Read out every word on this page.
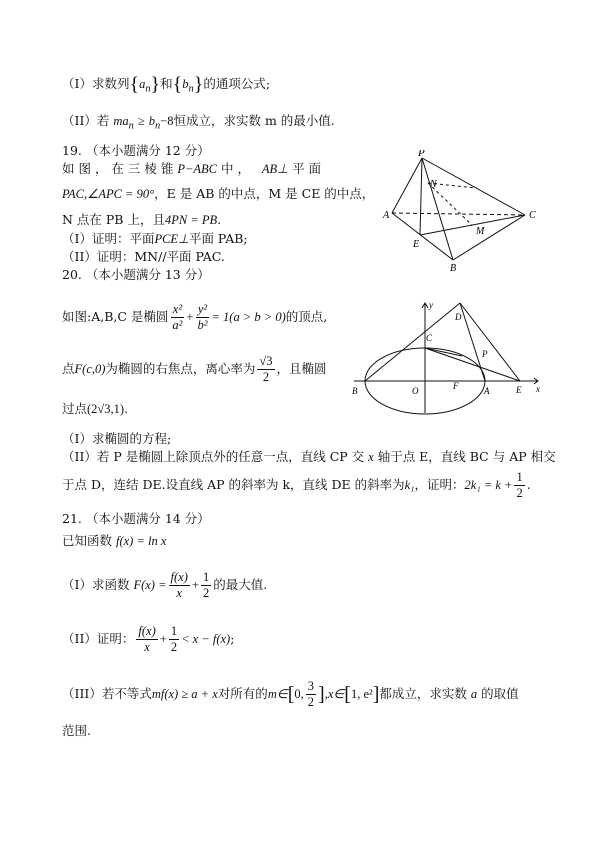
（I）求数列$\{a_n\}$和$\{b_n\}$的通项公式;
（II）若 $ma_n \ge b_n-8$恒成立，求实数 m 的最小值.
19. （本小题满分 12 分）
如 图 ， 在 三 棱 锥 P−ABC 中 ， AB⊥ 平 面
PAC,∠APC = 90°，E 是 AB 的中点，M 是 CE 的中点，
N 点在 PB 上，且4PN = PB.
（I）证明：平面PCE⊥平面 PAB;
（II）证明：MN//平面 PAC.
P
N
A
M
C
E
B
20. （本小题满分 13 分）
如图:A,B,C 是椭圆 $\frac{\text{x²}}{\text{a²}} + \frac{\text{y²}}{\text{b²}} = 1(a > b > 0)$的顶点,
点F(c,0)为椭圆的右焦点，离心率为 $\frac{√3}{2}$ ，且椭圆
过点(2√3,1).
（I）求椭圆的方程;
（II）若 P 是椭圆上除顶点外的任意一点，直线 CP 交 x 轴于点 E，直线 BC 与 AP 相交
于点 D，连结 DE.设直线 AP 的斜率为 k，直线 DE 的斜率为k₁，证明：$2k_1 = k + \frac{1}{2}$ .
y
D
C
P
B	O	F	A	E x
21. （本小题满分 14 分）
已知函数 f(x) = ln x
（I）求函数 $F(x) = \frac{f(x)}{x} + \frac{1}{2}$ 的最大值.
（II）证明： $\frac{f(x)}{x} + \frac{1}{2} < x - f(x)$;
（III）若不等式mf(x) ≥ a + x对所有的m∈[0, $\frac{3}{2}$ ],x∈[1, e²]都成立，求实数 a 的取值
范围.
